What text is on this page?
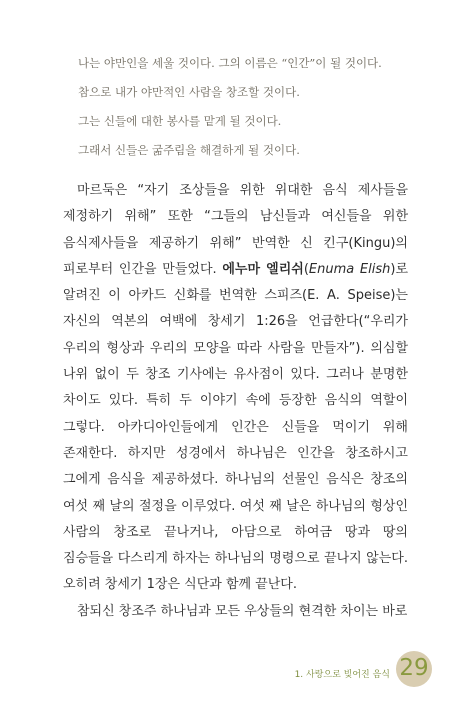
나는 야만인을 세울 것이다. 그의 이름은 “인간”이 될 것이다.
참으로 내가 야만적인 사람을 창조할 것이다.
그는 신들에 대한 봉사를 맡게 될 것이다.
그래서 신들은 굶주림을 해결하게 될 것이다.

마르둑은 “자기 조상들을 위한 위대한 음식 제사들을 제정하기 위해” 또한 “그들의 남신들과 여신들을 위한 음식제사들을 제공하기 위해” 반역한 신 킨구(Kingu)의 피로부터 인간을 만들었다. 에누마 엘리쉬(Enuma Elish)로 알려진 이 아카드 신화를 번역한 스피즈(E. A. Speise)는 자신의 역본의 여백에 창세기 1:26을 언급한다(“우리가 우리의 형상과 우리의 모양을 따라 사람을 만들자”). 의심할 나위 없이 두 창조 기사에는 유사점이 있다. 그러나 분명한 차이도 있다. 특히 두 이야기 속에 등장한 음식의 역할이 그렇다. 아카디아인들에게 인간은 신들을 먹이기 위해 존재한다. 하지만 성경에서 하나님은 인간을 창조하시고 그에게 음식을 제공하셨다. 하나님의 선물인 음식은 창조의 여섯 째 날의 절정을 이루었다. 여섯 째 날은 하나님의 형상인 사람의 창조로 끝나거나, 아담으로 하여금 땅과 땅의 짐승들을 다스리게 하자는 하나님의 명령으로 끝나지 않는다. 오히려 창세기 1장은 식단과 함께 끝난다.

참되신 창조주 하나님과 모든 우상들의 현격한 차이는 바로

1. 사랑으로 빚어진 음식 29
